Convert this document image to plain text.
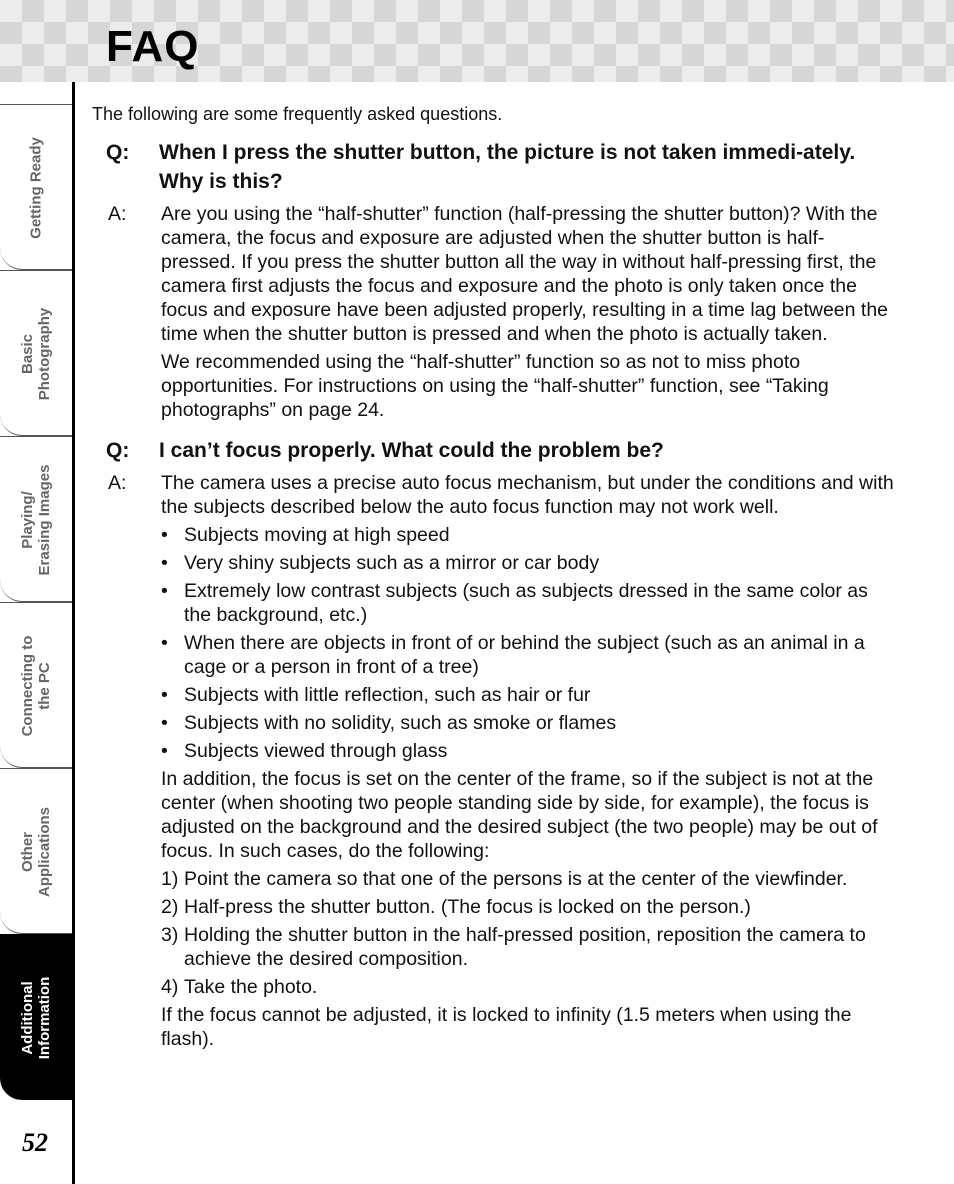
FAQ
Getting Ready
Basic
Photography
Playing/
Erasing Images
Connecting to
the PC
Other
Applications
Additional
Information
52

The following are some frequently asked questions.

Q: When I press the shutter button, the picture is not taken immedi-ately. Why is this?
A: Are you using the “half-shutter” function (half-pressing the shutter button)? With the camera, the focus and exposure are adjusted when the shutter button is half-pressed. If you press the shutter button all the way in without half-pressing first, the camera first adjusts the focus and exposure and the photo is only taken once the focus and exposure have been adjusted properly, resulting in a time lag between the time when the shutter button is pressed and when the photo is actually taken.

We recommended using the “half-shutter” function so as not to miss photo opportunities. For instructions on using the “half-shutter” function, see “Taking photographs” on page 24.

Q: I can’t focus properly. What could the problem be?
A: The camera uses a precise auto focus mechanism, but under the conditions and with the subjects described below the auto focus function may not work well.

• Subjects moving at high speed
• Very shiny subjects such as a mirror or car body
• Extremely low contrast subjects (such as subjects dressed in the same color as the background, etc.)
• When there are objects in front of or behind the subject (such as an animal in a cage or a person in front of a tree)
• Subjects with little reflection, such as hair or fur
• Subjects with no solidity, such as smoke or flames
• Subjects viewed through glass

In addition, the focus is set on the center of the frame, so if the subject is not at the center (when shooting two people standing side by side, for example), the focus is adjusted on the background and the desired subject (the two people) may be out of focus. In such cases, do the following:

1) Point the camera so that one of the persons is at the center of the viewfinder.
2) Half-press the shutter button. (The focus is locked on the person.)
3) Holding the shutter button in the half-pressed position, reposition the camera to achieve the desired composition.
4) Take the photo.

If the focus cannot be adjusted, it is locked to infinity (1.5 meters when using the flash).
